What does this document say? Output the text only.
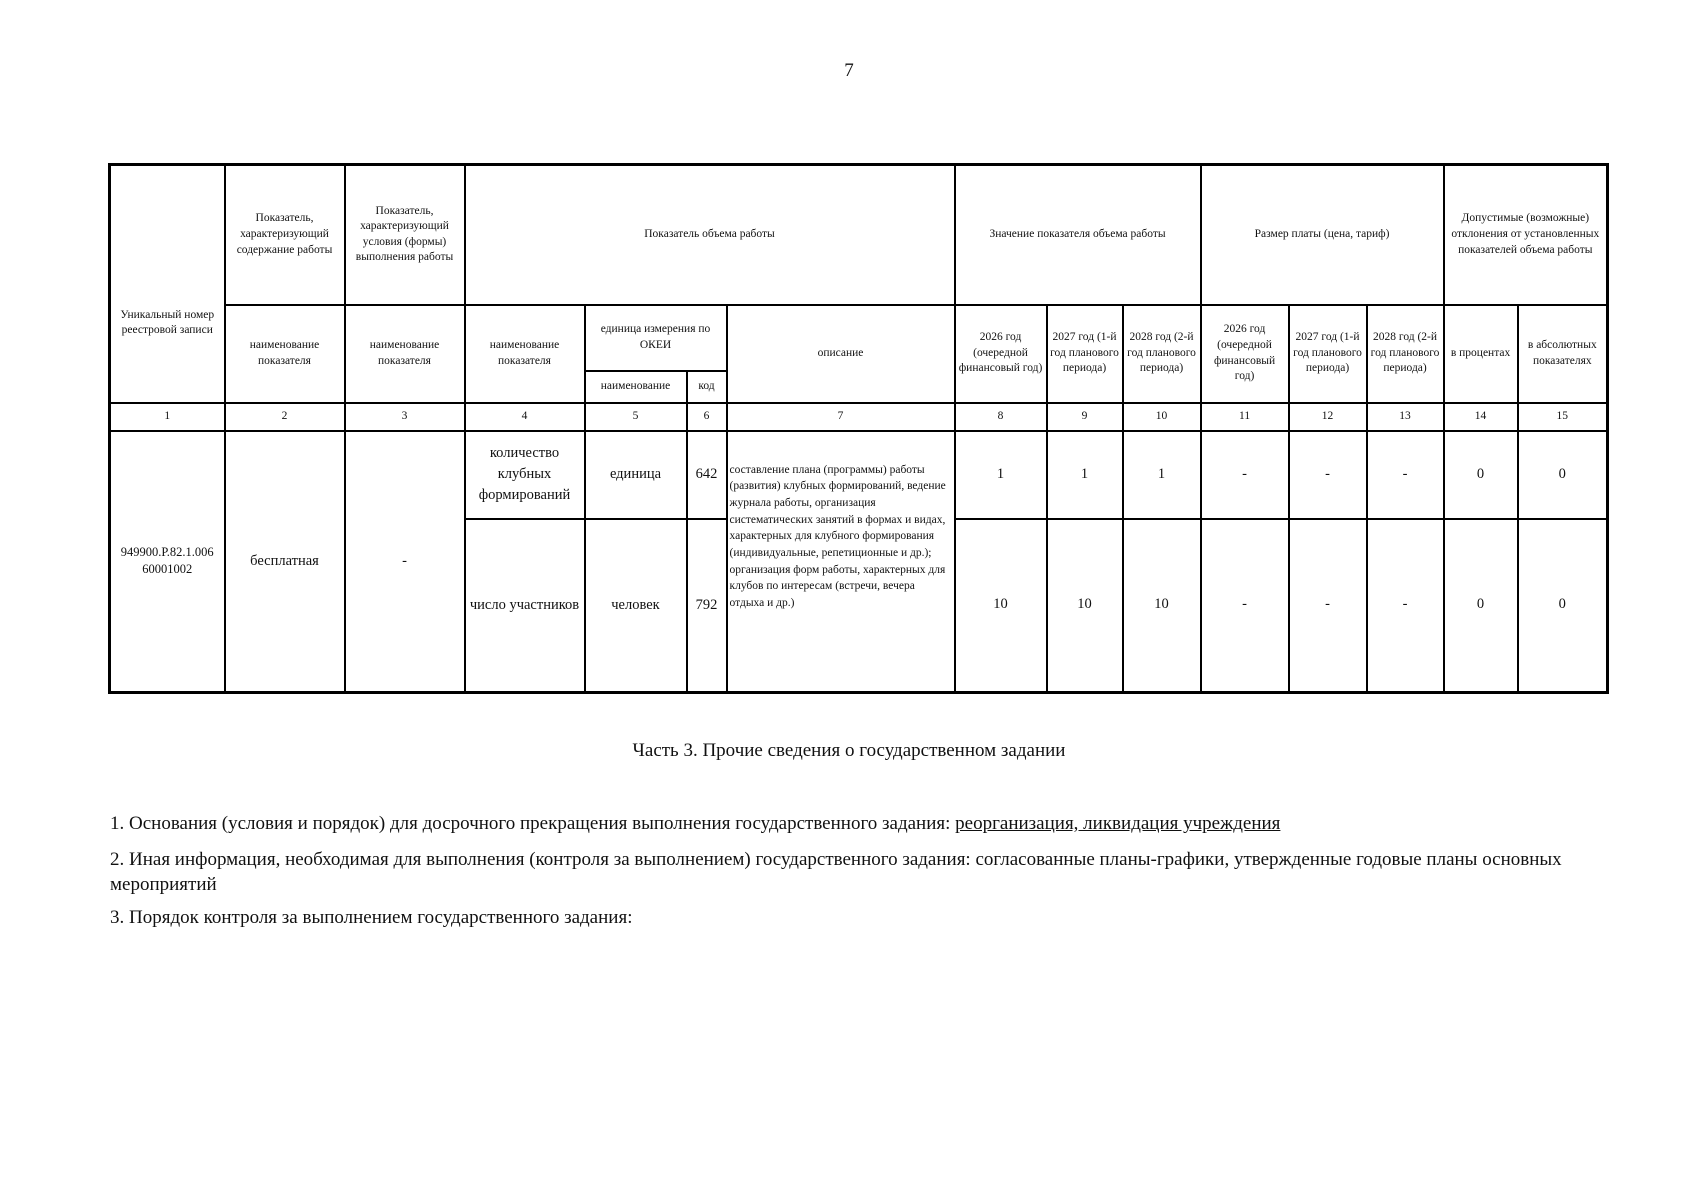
7
Уникальный номер реестровой записи	Показатель, характеризующий содержание работы	Показатель, характеризующий условия (формы) выполнения работы	Показатель объема работы				Значение показателя объема работы			Размер платы (цена, тариф)			Допустимые (возможные) отклонения от установленных показателей объема работы	
	наименование показателя	наименование показателя	наименование показателя	единица измерения по ОКЕИ		описание	2026 год (очередной финансовый год)	2027 год (1-й год планового периода)	2028 год (2-й год планового периода)	2026 год (очередной финансовый год)	2027 год (1-й год планового периода)	2028 год (2-й год планового периода)	в процентах	в абсолютных показателях
				наименование	код									
1	2	3	4	5	6	7	8	9	10	11	12	13	14	15
949900.Р.82.1.006 60001002	бесплатная	-	количество клубных формирований	единица	642	составление плана (программы) работы (развития) клубных формирований, ведение журнала работы, организация систематических занятий в формах и видах, характерных для клубного формирования (индивидуальные, репетиционные и др.); организация форм работы, характерных для клубов по интересам (встречи, вечера отдыха и др.)	1	1	1	-	-	-	0	0
			число участников	человек	792		10	10	10	-	-	-	0	0
Часть 3. Прочие сведения о государственном задании
1. Основания (условия и порядок) для досрочного прекращения выполнения государственного задания: реорганизация, ликвидация учреждения
2. Иная информация, необходимая для выполнения (контроля за выполнением) государственного задания: согласованные планы-графики, утвержденные годовые планы основных мероприятий
3. Порядок контроля за выполнением государственного задания:
